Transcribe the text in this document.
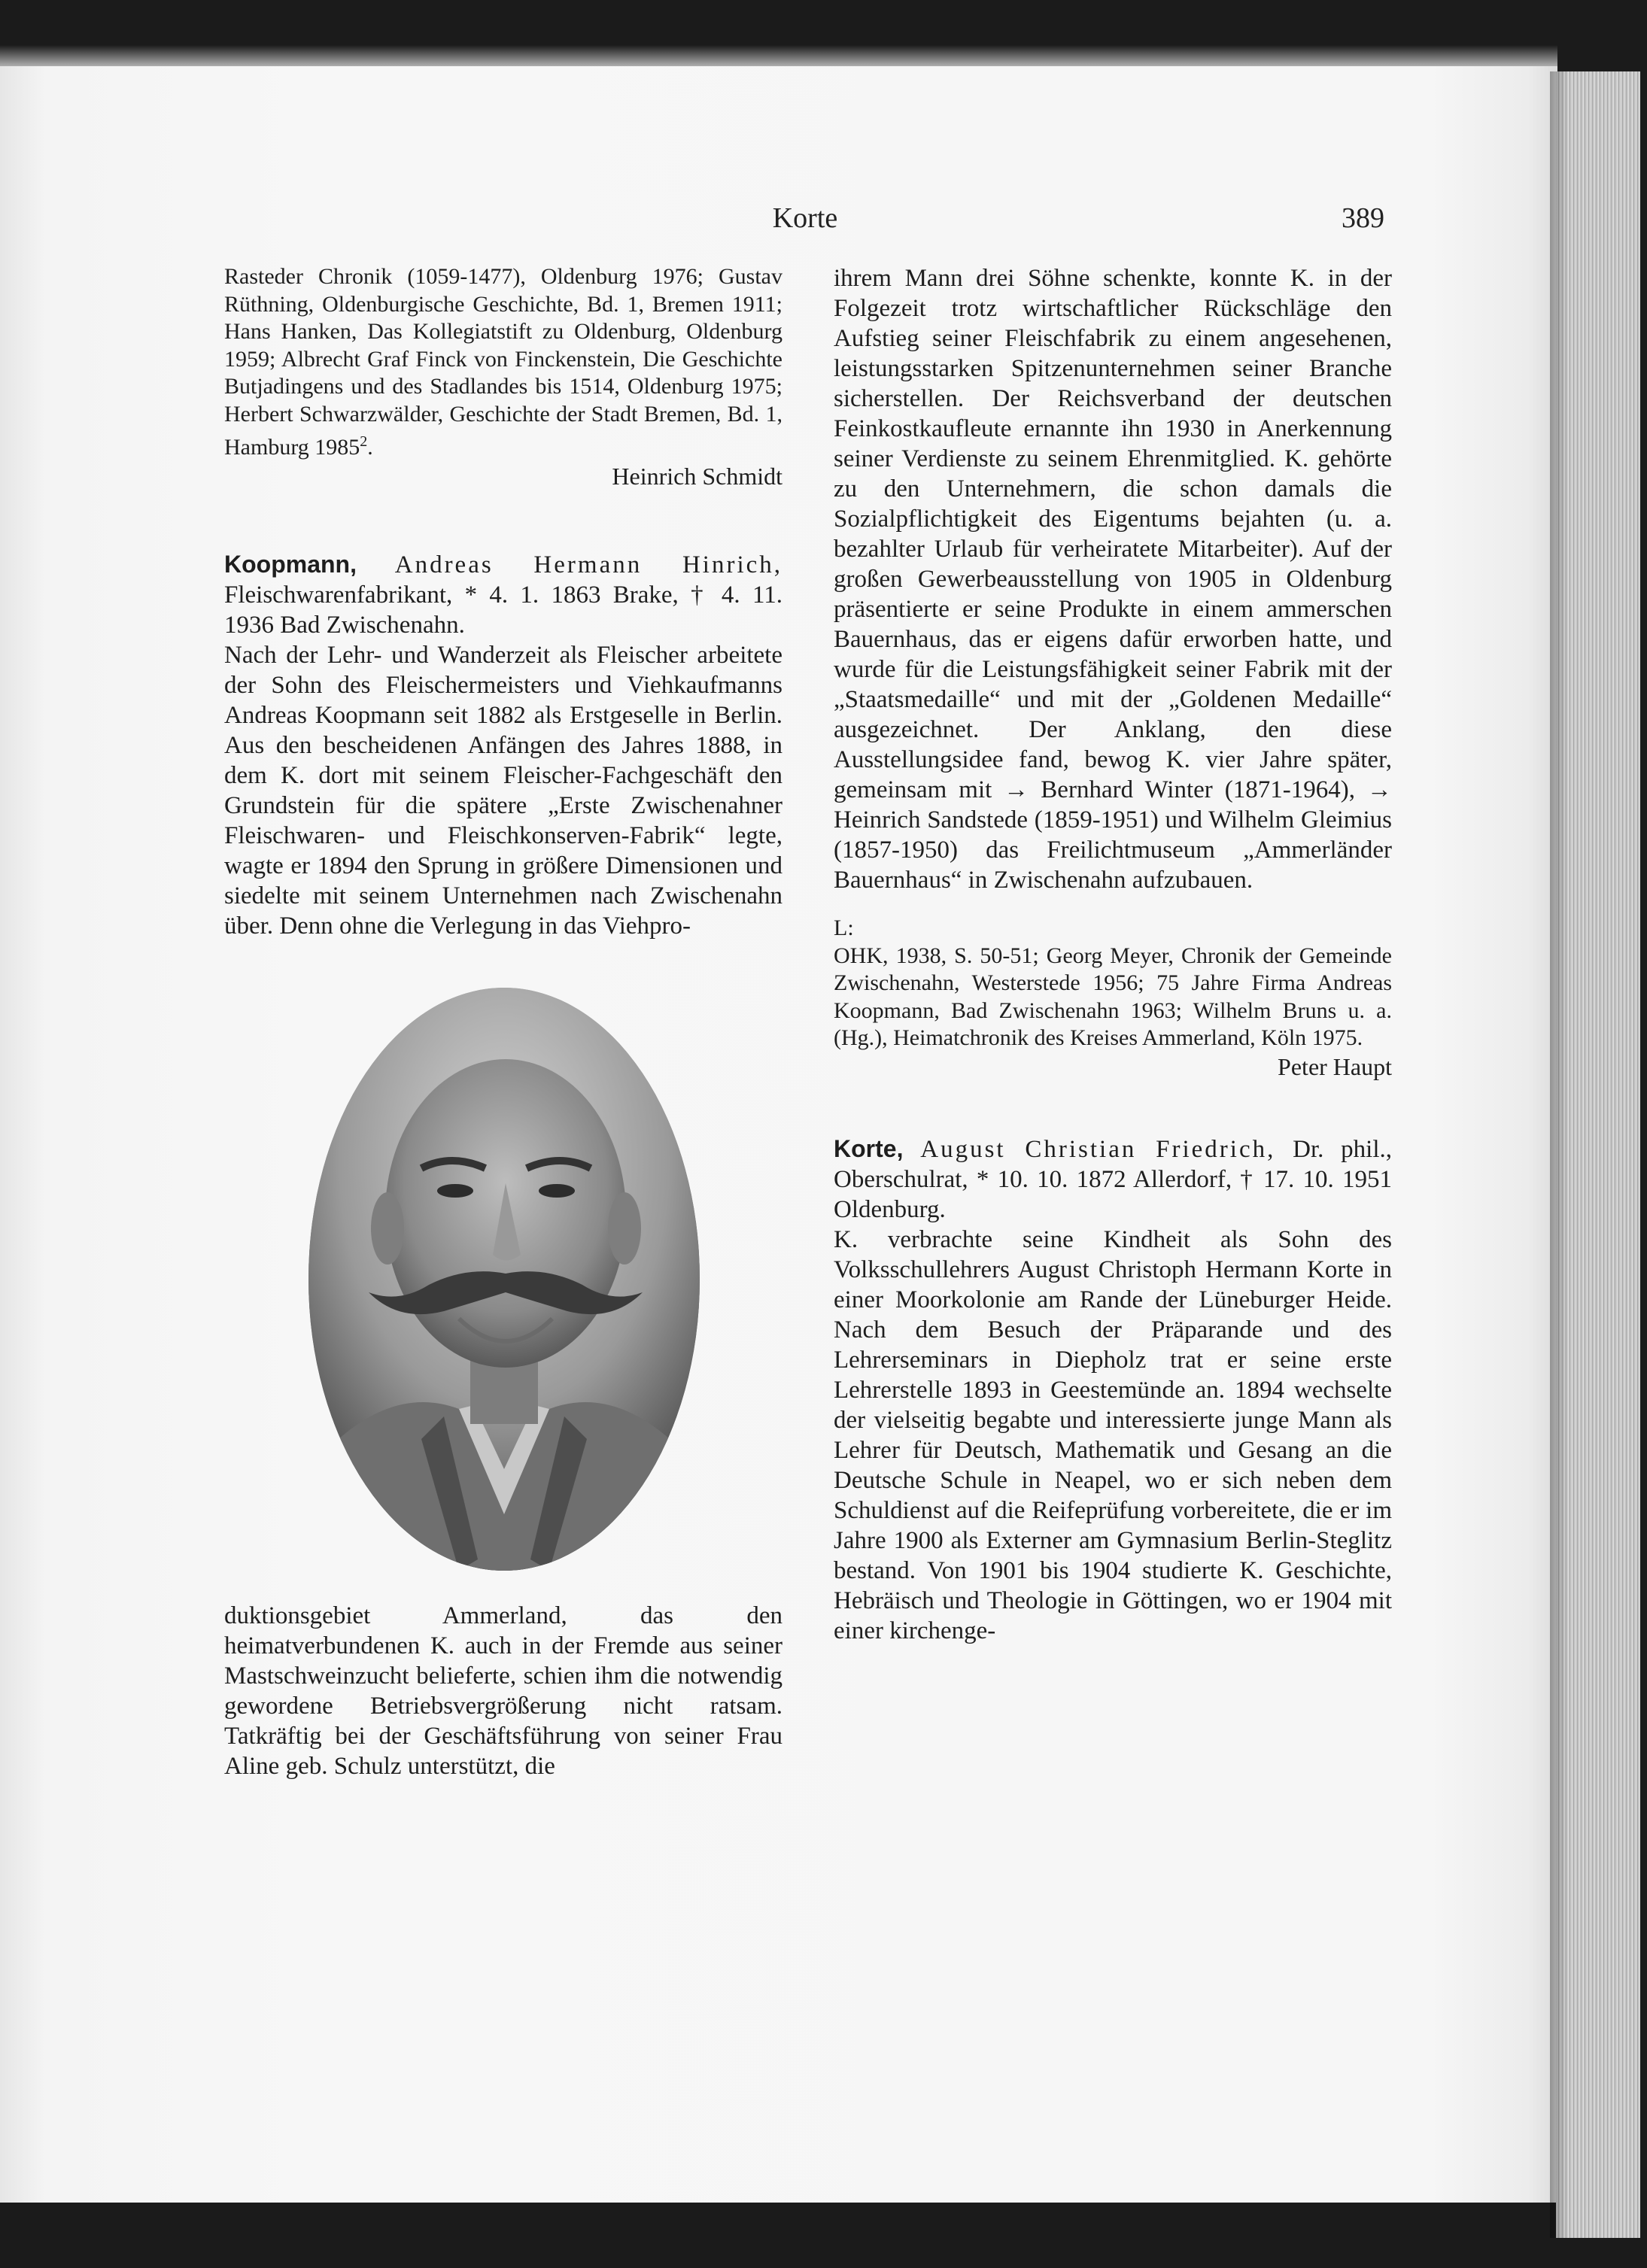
Korte	389

Rasteder Chronik (1059-1477), Oldenburg 1976; Gustav Rüthning, Oldenburgische Geschichte, Bd. 1, Bremen 1911; Hans Hanken, Das Kollegiatstift zu Oldenburg, Oldenburg 1959; Albrecht Graf Finck von Finckenstein, Die Geschichte Butjadingens und des Stadlandes bis 1514, Oldenburg 1975; Herbert Schwarzwälder, Geschichte der Stadt Bremen, Bd. 1, Hamburg 1985$^2$.

Heinrich Schmidt

Koopmann, Andreas Hermann Hinrich, Fleischwarenfabrikant, * 4. 1. 1863 Brake, † 4. 11. 1936 Bad Zwischenahn.

Nach der Lehr- und Wanderzeit als Fleischer arbeitete der Sohn des Fleischermeisters und Viehkaufmanns Andreas Koopmann seit 1882 als Erstgeselle in Berlin. Aus den bescheidenen Anfängen des Jahres 1888, in dem K. dort mit seinem Fleischer-Fachgeschäft den Grundstein für die spätere „Erste Zwischenahner Fleischwaren- und Fleischkonserven-Fabrik“ legte, wagte er 1894 den Sprung in größere Dimensionen und siedelte mit seinem Unternehmen nach Zwischenahn über. Denn ohne die Verlegung in das Viehpro-

duktionsgebiet Ammerland, das den heimatverbundenen K. auch in der Fremde aus seiner Mastschweinzucht belieferte, schien ihm die notwendig gewordene Betriebsvergrößerung nicht ratsam. Tatkräftig bei der Geschäftsführung von seiner Frau Aline geb. Schulz unterstützt, die

ihrem Mann drei Söhne schenkte, konnte K. in der Folgezeit trotz wirtschaftlicher Rückschläge den Aufstieg seiner Fleischfabrik zu einem angesehenen, leistungsstarken Spitzenunternehmen seiner Branche sicherstellen. Der Reichsverband der deutschen Feinkostkaufleute ernannte ihn 1930 in Anerkennung seiner Verdienste zu seinem Ehrenmitglied. K. gehörte zu den Unternehmern, die schon damals die Sozialpflichtigkeit des Eigentums bejahten (u. a. bezahlter Urlaub für verheiratete Mitarbeiter). Auf der großen Gewerbeausstellung von 1905 in Oldenburg präsentierte er seine Produkte in einem ammerschen Bauernhaus, das er eigens dafür erworben hatte, und wurde für die Leistungsfähigkeit seiner Fabrik mit der „Staatsmedaille“ und mit der „Goldenen Medaille“ ausgezeichnet. Der Anklang, den diese Ausstellungsidee fand, bewog K. vier Jahre später, gemeinsam mit → Bernhard Winter (1871-1964), → Heinrich Sandstede (1859-1951) und Wilhelm Gleimius (1857-1950) das Freilichtmuseum „Ammerländer Bauernhaus“ in Zwischenahn aufzubauen.

L:

OHK, 1938, S. 50-51; Georg Meyer, Chronik der Gemeinde Zwischenahn, Westerstede 1956; 75 Jahre Firma Andreas Koopmann, Bad Zwischenahn 1963; Wilhelm Bruns u. a. (Hg.), Heimatchronik des Kreises Ammerland, Köln 1975.

Peter Haupt

Korte, August Christian Friedrich, Dr. phil., Oberschulrat, * 10. 10. 1872 Allerdorf, † 17. 10. 1951 Oldenburg.

K. verbrachte seine Kindheit als Sohn des Volksschullehrers August Christoph Hermann Korte in einer Moorkolonie am Rande der Lüneburger Heide. Nach dem Besuch der Präparande und des Lehrerseminars in Diepholz trat er seine erste Lehrerstelle 1893 in Geestemünde an. 1894 wechselte der vielseitig begabte und interessierte junge Mann als Lehrer für Deutsch, Mathematik und Gesang an die Deutsche Schule in Neapel, wo er sich neben dem Schuldienst auf die Reifeprüfung vorbereitete, die er im Jahre 1900 als Externer am Gymnasium Berlin-Steglitz bestand. Von 1901 bis 1904 studierte K. Geschichte, Hebräisch und Theologie in Göttingen, wo er 1904 mit einer kirchenge-
